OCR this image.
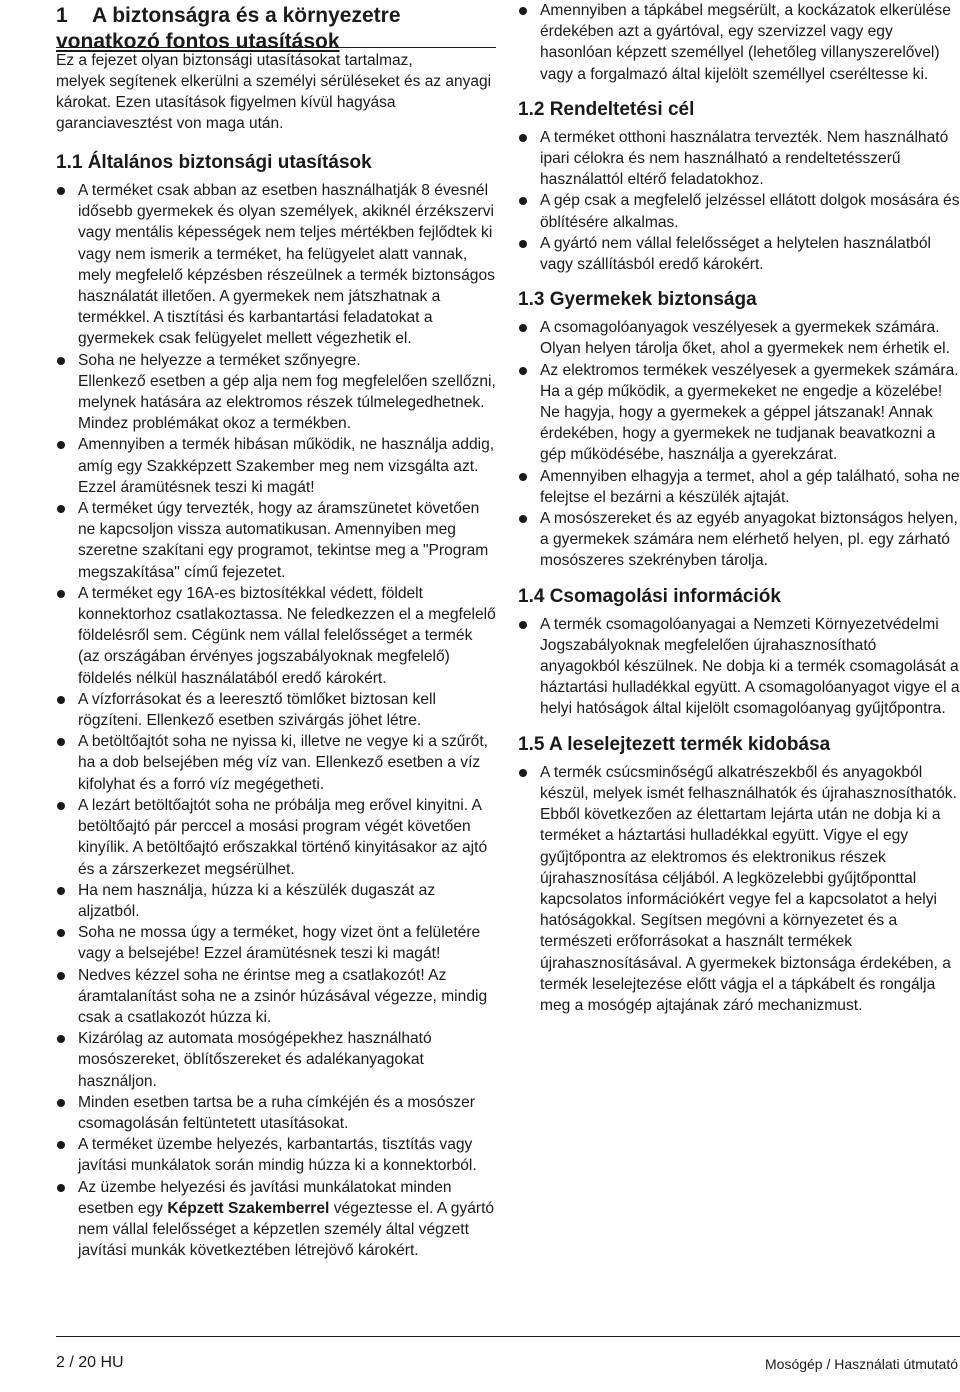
1 A biztonságra és a környezetre
vonatkozó fontos utasítások
Ez a fejezet olyan biztonsági utasításokat tartalmaz,
melyek segítenek elkerülni a személyi sérüléseket és az anyagi károkat. Ezen utasítások figyelmen kívül hagyása garanciavesztést von maga után.
1.1 Általános biztonsági utasítások
A terméket csak abban az esetben használhatják 8 évesnél idősebb gyermekek és olyan személyek, akiknél érzékszervi vagy mentális képességek nem teljes mértékben fejlődtek ki vagy nem ismerik a terméket, ha felügyelet alatt vannak, mely megfelelő képzésben részeülnek a termék biztonságos használatát illetően. A gyermekek nem játszhatnak a termékkel. A tisztítási és karbantartási feladatokat a gyermekek csak felügyelet mellett végezhetik el.
Soha ne helyezze a terméket szőnyegre.
Ellenkező esetben a gép alja nem fog megfelelően szellőzni, melynek hatására az elektromos részek túlmelegedhetnek. Mindez problémákat okoz a termékben.
Amennyiben a termék hibásan működik, ne használja addig, amíg egy Szakképzett Szakember meg nem vizsgálta azt. Ezzel áramütésnek teszi ki magát!
A terméket úgy tervezték, hogy az áramszünetet követően ne kapcsoljon vissza automatikusan. Amennyiben meg szeretne szakítani egy programot, tekintse meg a "Program megszakítása" című fejezetet.
A terméket egy 16A-es biztosítékkal védett, földelt konnektorhoz csatlakoztassa. Ne feledkezzen el a megfelelő földelésről sem. Cégünk nem vállal felelősséget a termék (az országában érvényes jogszabályoknak megfelelő) földelés nélkül használatából eredő károkért.
A vízforrásokat és a leeresztő tömlőket biztosan kell rögzíteni. Ellenkező esetben szivárgás jöhet létre.
A betöltőajtót soha ne nyissa ki, illetve ne vegye ki a szűrőt, ha a dob belsejében még víz van. Ellenkező esetben a víz kifolyhat és a forró víz megégetheti.
A lezárt betöltőajtót soha ne próbálja meg erővel kinyitni. A betöltőajtó pár perccel a mosási program végét követően kinyílik. A betöltőajtó erőszakkal történő kinyitásakor az ajtó és a zárszerkezet megsérülhet.
Ha nem használja, húzza ki a készülék dugaszát az aljzatból.
Soha ne mossa úgy a terméket, hogy vizet önt a felületére vagy a belsejébe! Ezzel áramütésnek teszi ki magát!
Nedves kézzel soha ne érintse meg a csatlakozót! Az áramtalanítást soha ne a zsinór húzásával végezze, mindig csak a csatlakozót húzza ki.
Kizárólag az automata mosógépekhez használható mosószereket, öblítőszereket és adalékanyagokat használjon.
Minden esetben tartsa be a ruha címkéjén és a mosószer csomagolásán feltüntetett utasításokat.
A terméket üzembe helyezés, karbantartás, tisztítás vagy javítási munkálatok során mindig húzza ki a konnektorból.
Az üzembe helyezési és javítási munkálatokat minden esetben egy Képzett Szakemberrel végeztesse el. A gyártó nem vállal felelősséget a képzetlen személy által végzett javítási munkák következtében létrejövő károkért.
Amennyiben a tápkábel megsérült, a kockázatok elkerülése érdekében azt a gyártóval, egy szervizzel vagy egy hasonlóan képzett személlyel (lehetőleg villanyszerelővel) vagy a forgalmazó által kijelölt személlyel cseréltesse ki.
1.2 Rendeltetési cél
A terméket otthoni használatra tervezték. Nem használható ipari célokra és nem használható a rendeltetésszerű használattól eltérő feladatokhoz.
A gép csak a megfelelő jelzéssel ellátott dolgok mosására és öblítésére alkalmas.
A gyártó nem vállal felelősséget a helytelen használatból vagy szállításból eredő károkért.
1.3 Gyermekek biztonsága
A csomagolóanyagok veszélyesek a gyermekek számára. Olyan helyen tárolja őket, ahol a gyermekek nem érhetik el.
Az elektromos termékek veszélyesek a gyermekek számára. Ha a gép működik, a gyermekeket ne engedje a közelébe! Ne hagyja, hogy a gyermekek a géppel játszanak! Annak érdekében, hogy a gyermekek ne tudjanak beavatkozni a gép működésébe, használja a gyerekzárat.
Amennyiben elhagyja a termet, ahol a gép található, soha ne felejtse el bezárni a készülék ajtaját.
A mosószereket és az egyéb anyagokat biztonságos helyen, a gyermekek számára nem elérhető helyen, pl. egy zárható mosószeres szekrényben tárolja.
1.4 Csomagolási információk
A termék csomagolóanyagai a Nemzeti Környezetvédelmi Jogszabályoknak megfelelően újrahasznosítható anyagokból készülnek. Ne dobja ki a termék csomagolását a háztartási hulladékkal együtt. A csomagolóanyagot vigye el a helyi hatóságok által kijelölt csomagolóanyag gyűjtőpontra.
1.5 A leselejtezett termék kidobása
A termék csúcsminőségű alkatrészekből és anyagokból készül, melyek ismét felhasználhatók és újrahasznosíthatók. Ebből következően az élettartam lejárta után ne dobja ki a terméket a háztartási hulladékkal együtt. Vigye el egy gyűjtőpontra az elektromos és elektronikus részek újrahasznosítása céljából. A legközelebbi gyűjtőponttal kapcsolatos információkért vegye fel a kapcsolatot a helyi hatóságokkal. Segítsen megóvni a környezetet és a természeti erőforrásokat a használt termékek újrahasznosításával. A gyermekek biztonsága érdekében, a termék leselejtezése előtt vágja el a tápkábelt és rongálja meg a mosógép ajtajának záró mechanizmust.
2 / 20 HU	Mosógép / Használati útmutató
